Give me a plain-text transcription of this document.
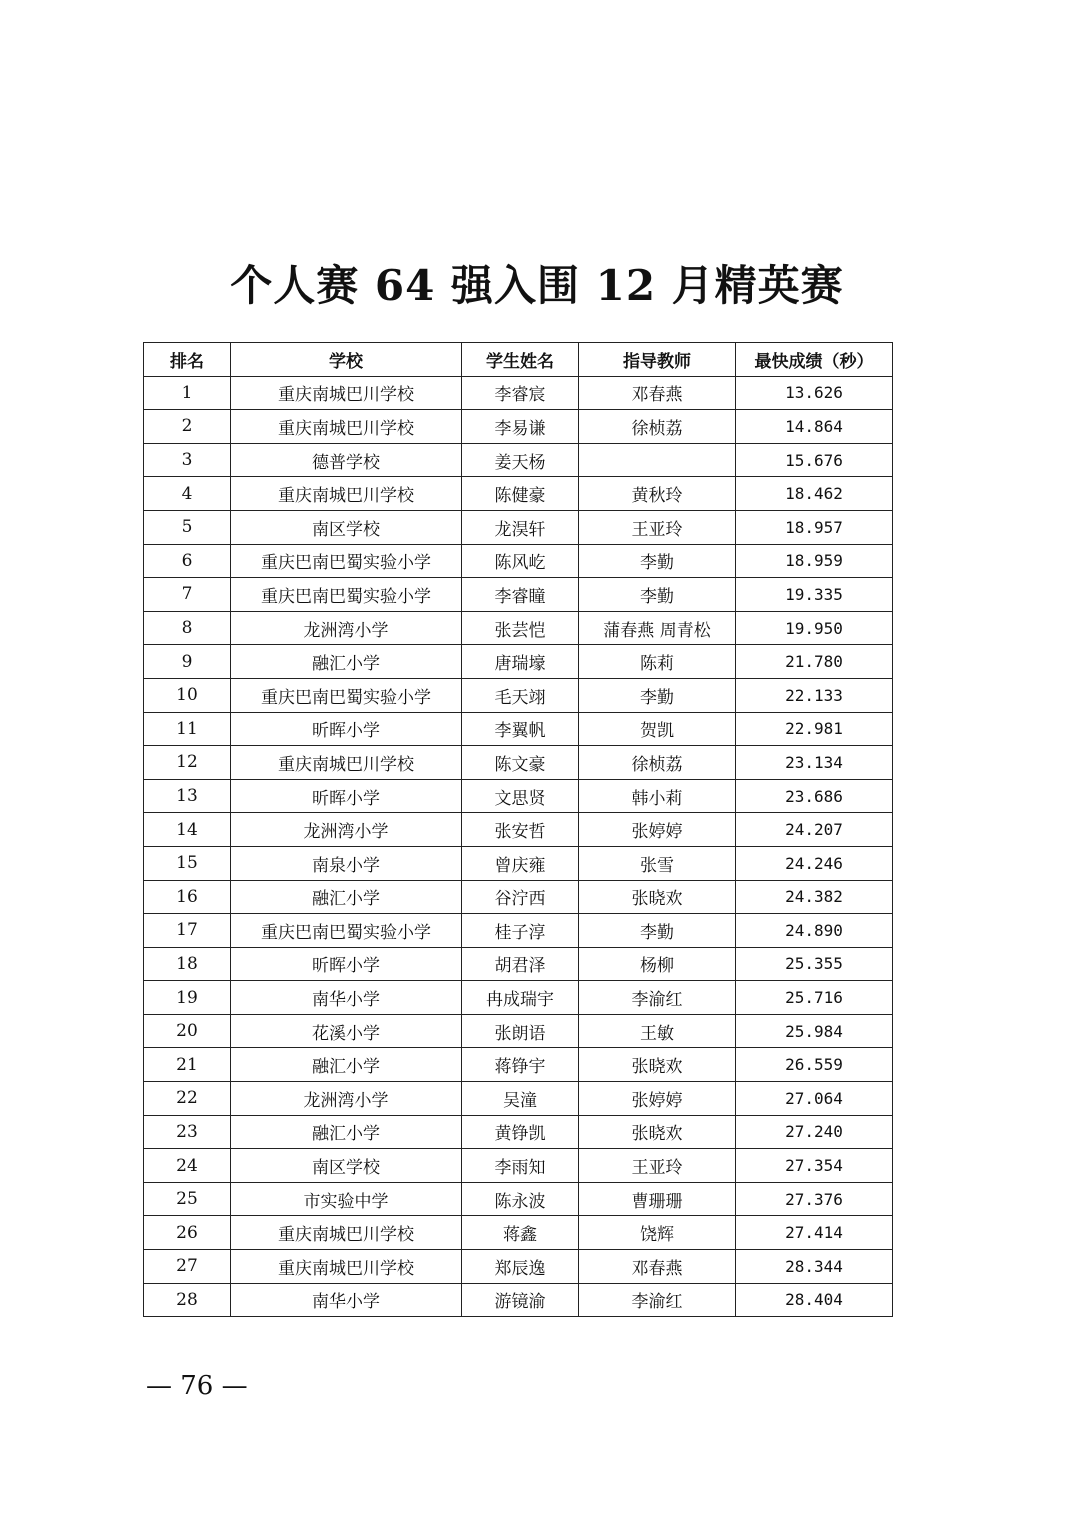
个人赛 64 强入围 12 月精英赛
排名	学校	学生姓名	指导教师	最快成绩（秒）
1	重庆南城巴川学校	李睿宸	邓春燕	13.626
2	重庆南城巴川学校	李易谦	徐桢荔	14.864
3	德普学校	姜天杨		15.676
4	重庆南城巴川学校	陈健豪	黄秋玲	18.462
5	南区学校	龙淏轩	王亚玲	18.957
6	重庆巴南巴蜀实验小学	陈风屹	李勤	18.959
7	重庆巴南巴蜀实验小学	李睿瞳	李勤	19.335
8	龙洲湾小学	张芸恺	蒲春燕 周青松	19.950
9	融汇小学	唐瑞壕	陈莉	21.780
10	重庆巴南巴蜀实验小学	毛天翊	李勤	22.133
11	昕晖小学	李翼帆	贺凯	22.981
12	重庆南城巴川学校	陈文豪	徐桢荔	23.134
13	昕晖小学	文思贤	韩小莉	23.686
14	龙洲湾小学	张安哲	张婷婷	24.207
15	南泉小学	曾庆雍	张雪	24.246
16	融汇小学	谷泞西	张晓欢	24.382
17	重庆巴南巴蜀实验小学	桂子淳	李勤	24.890
18	昕晖小学	胡君泽	杨柳	25.355
19	南华小学	冉成瑞宇	李渝红	25.716
20	花溪小学	张朗语	王敏	25.984
21	融汇小学	蒋铮宇	张晓欢	26.559
22	龙洲湾小学	吴潼	张婷婷	27.064
23	融汇小学	黄铮凯	张晓欢	27.240
24	南区学校	李雨知	王亚玲	27.354
25	市实验中学	陈永波	曹珊珊	27.376
26	重庆南城巴川学校	蒋鑫	饶辉	27.414
27	重庆南城巴川学校	郑辰逸	邓春燕	28.344
28	南华小学	游镜渝	李渝红	28.404
— 76 —
